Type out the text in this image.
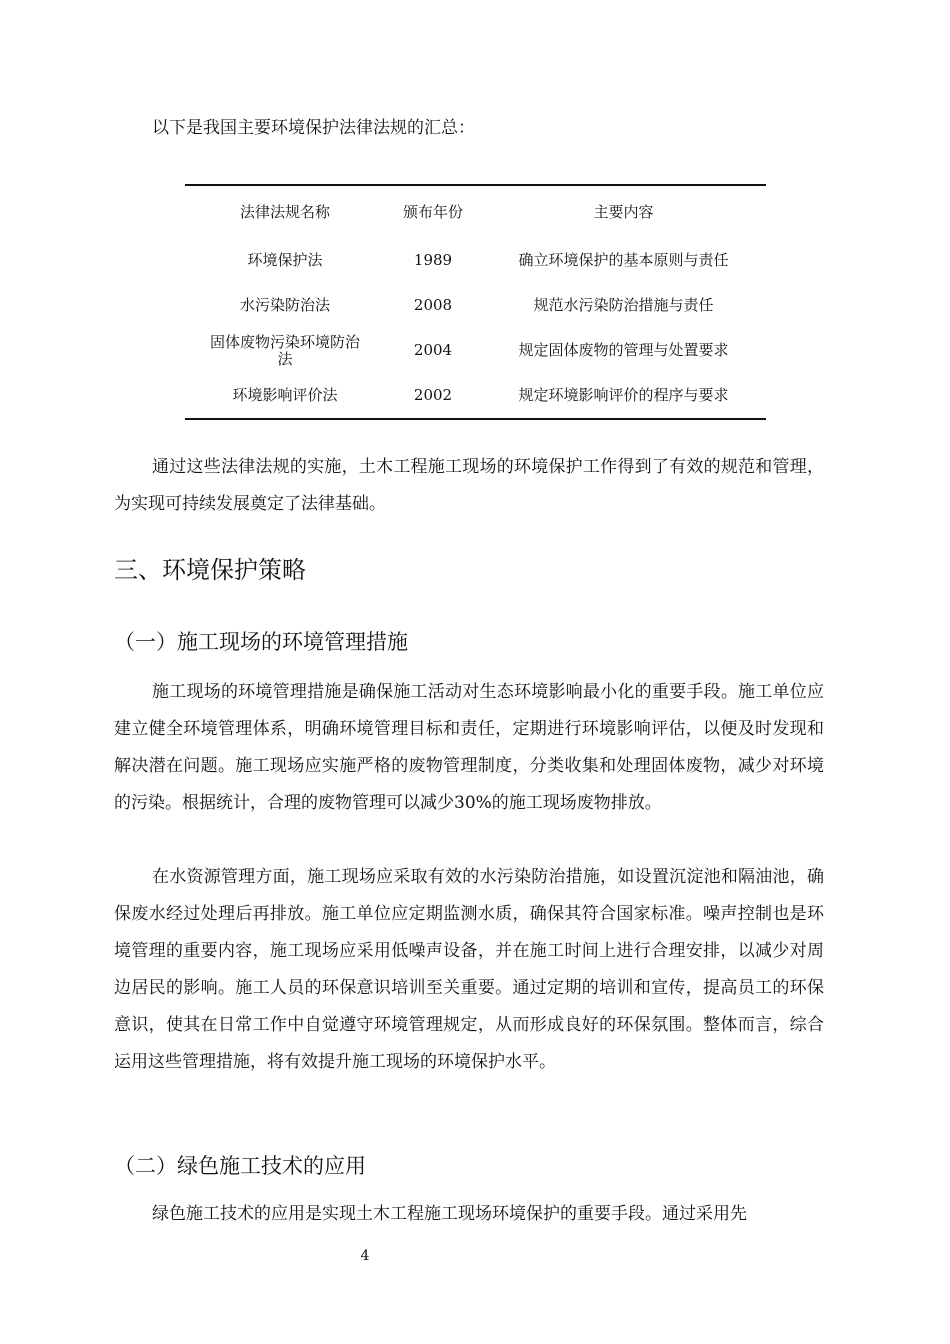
以下是我国主要环境保护法律法规的汇总：

法律法规名称	颁布年份	主要内容
环境保护法	1989	确立环境保护的基本原则与责任
水污染防治法	2008	规范水污染防治措施与责任

固体废物污染环境防治法	2004	规定固体废物的管理与处置要求
环境影响评价法	2002	规定环境影响评价的程序与要求

通过这些法律法规的实施，土木工程施工现场的环境保护工作得到了有效的规范和管理，为实现可持续发展奠定了法律基础。

三、环境保护策略
（一）施工现场的环境管理措施

施工现场的环境管理措施是确保施工活动对生态环境影响最小化的重要手段。施工单位应建立健全环境管理体系，明确环境管理目标和责任，定期进行环境影响评估，以便及时发现和解决潜在问题。施工现场应实施严格的废物管理制度，分类收集和处理固体废物，减少对环境的污染。根据统计，合理的废物管理可以减少30%的施工现场废物排放。

在水资源管理方面，施工现场应采取有效的水污染防治措施，如设置沉淀池和隔油池，确保废水经过处理后再排放。施工单位应定期监测水质，确保其符合国家标准。噪声控制也是环境管理的重要内容，施工现场应采用低噪声设备，并在施工时间上进行合理安排，以减少对周边居民的影响。施工人员的环保意识培训至关重要。通过定期的培训和宣传，提高员工的环保意识，使其在日常工作中自觉遵守环境管理规定，从而形成良好的环保氛围。整体而言，综合运用这些管理措施，将有效提升施工现场的环境保护水平。

（二）绿色施工技术的应用

绿色施工技术的应用是实现土木工程施工现场环境保护的重要手段。通过采用先

4
